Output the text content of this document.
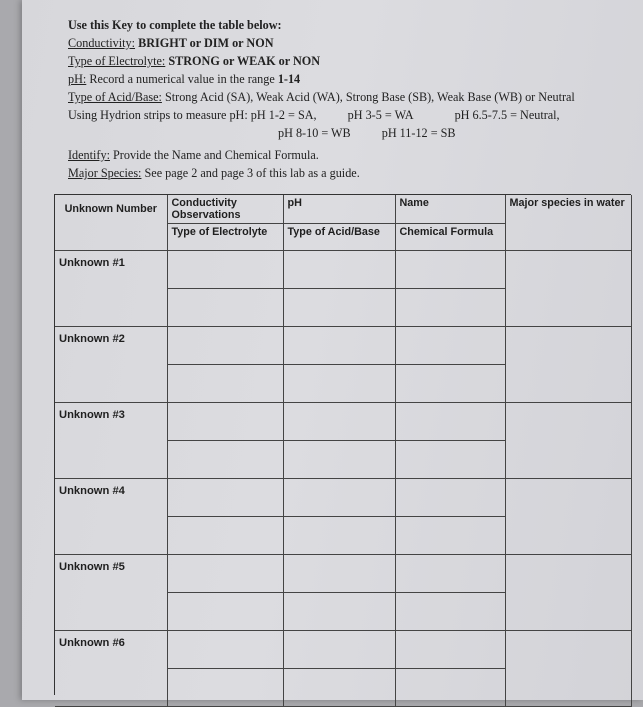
Use this Key to complete the table below:
Conductivity: BRIGHT or DIM or NON
Type of Electrolyte: STRONG or WEAK or NON
pH: Record a numerical value in the range 1-14
Type of Acid/Base: Strong Acid (SA), Weak Acid (WA), Strong Base (SB), Weak Base (WB) or Neutral
Using Hydrion strips to measure pH: pH 1-2 = SA,	pH 3-5 = WA	pH 6.5-7.5 = Neutral,
pH 8-10 = WB	pH 11-12 = SB
Identify: Provide the Name and Chemical Formula.
Major Species: See page 2 and page 3 of this lab as a guide.
Unknown Number	Conductivity Observations	pH	Name	Major species in water
	Type of Electrolyte	Type of Acid/Base	Chemical Formula	
Unknown #1				

Unknown #2				

Unknown #3				

Unknown #4				

Unknown #5				

Unknown #6				
